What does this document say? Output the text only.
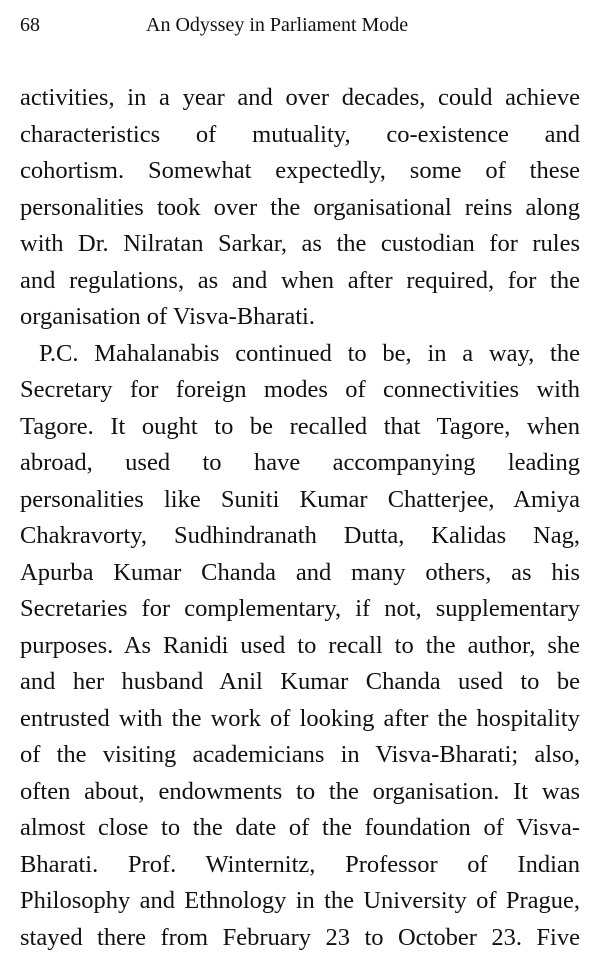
68	An Odyssey in Parliament Mode
activities, in a year and over decades, could achieve
characteristics of mutuality, co-existence and
cohortism. Somewhat expectedly, some of these
personalities took over the organisational reins along
with Dr. Nilratan Sarkar, as the custodian for rules
and regulations, as and when after required, for the
organisation of Visva-Bharati.
P.C. Mahalanabis continued to be, in a way, the
Secretary for foreign modes of connectivities with
Tagore. It ought to be recalled that Tagore, when
abroad, used to have accompanying leading
personalities like Suniti Kumar Chatterjee, Amiya
Chakravorty, Sudhindranath Dutta, Kalidas Nag,
Apurba Kumar Chanda and many others, as his
Secretaries for complementary, if not, supplementary
purposes. As Ranidi used to recall to the author, she
and her husband Anil Kumar Chanda used to be
entrusted with the work of looking after the hospitality
of the visiting academicians in Visva-Bharati; also,
often about, endowments to the organisation. It was
almost close to the date of the foundation of Visva-
Bharati. Prof. Winternitz, Professor of Indian
Philosophy and Ethnology in the University of Prague,
stayed there from February 23 to October 23. Five
